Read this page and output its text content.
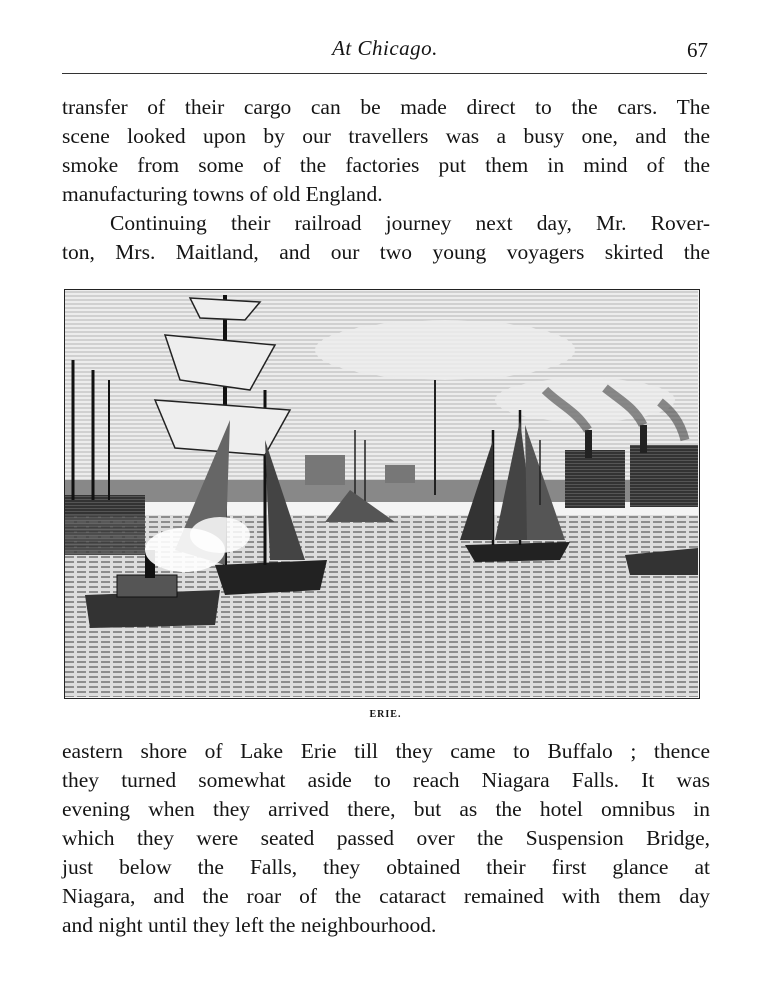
At Chicago.	67
transfer of their cargo can be made direct to the cars. The
scene looked upon by our travellers was a busy one, and the
smoke from some of the factories put them in mind of the
manufacturing towns of old England.
Continuing their railroad journey next day, Mr. Rover-
ton, Mrs. Maitland, and our two young voyagers skirted the
ERIE.
eastern shore of Lake Erie till they came to Buffalo ; thence
they turned somewhat aside to reach Niagara Falls. It was
evening when they arrived there, but as the hotel omnibus in
which they were seated passed over the Suspension Bridge,
just below the Falls, they obtained their first glance at
Niagara, and the roar of the cataract remained with them day
and night until they left the neighbourhood.
